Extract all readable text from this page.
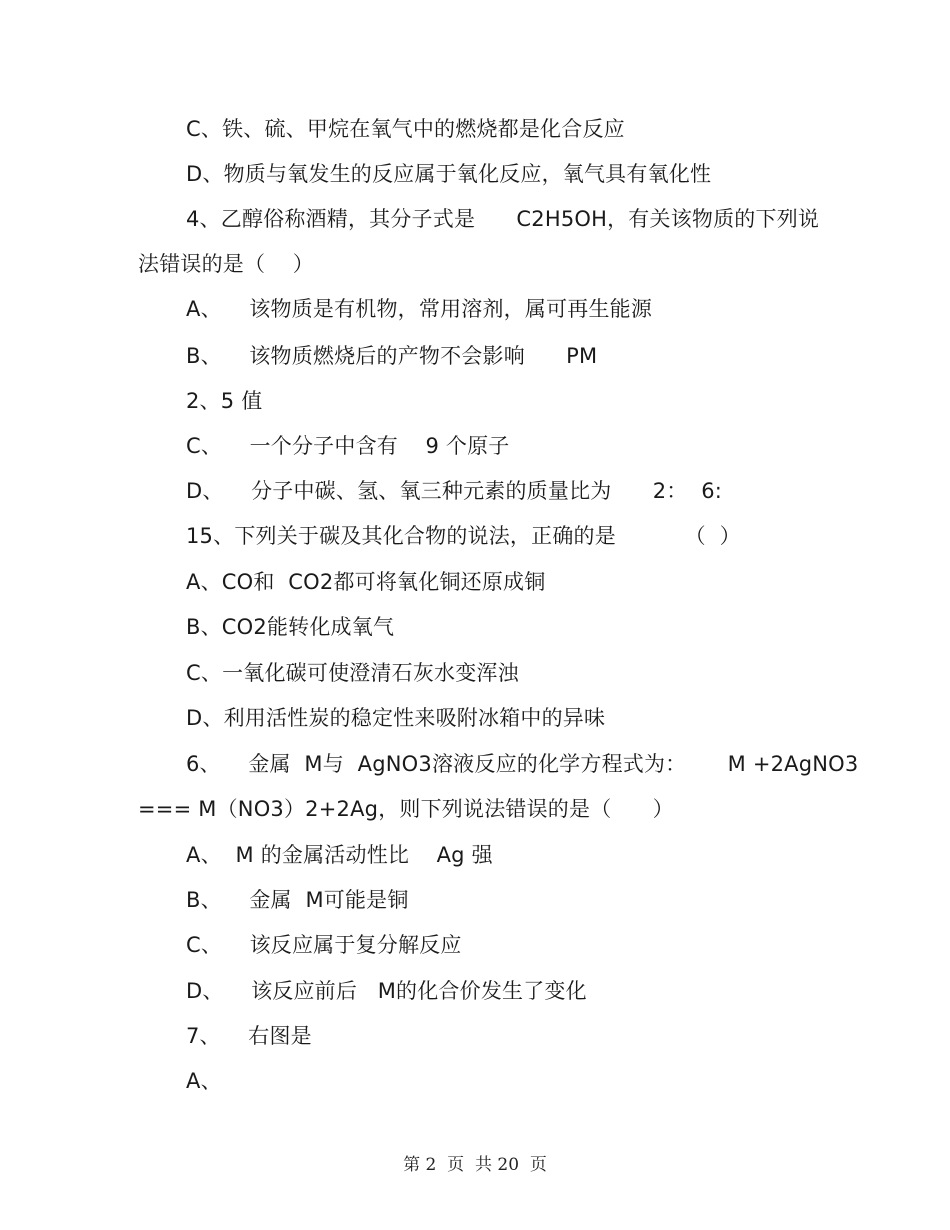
C、铁、硫、甲烷在氧气中的燃烧都是化合反应
D、物质与氧发生的反应属于氧化反应，氧气具有氧化性
4、乙醇俗称酒精，其分子式是      C2H5OH，有关该物质的下列说
法错误的是（    ）
A、    该物质是有机物，常用溶剂，属可再生能源
B、    该物质燃烧后的产物不会影响      PM
2、5 值
C、    一个分子中含有    9 个原子
D、    分子中碳、氢、氧三种元素的质量比为      2：  6:
15、下列关于碳及其化合物的说法，正确的是          （  ）
A、CO和  CO2都可将氧化铜还原成铜
B、CO2能转化成氧气
C、一氧化碳可使澄清石灰水变浑浊
D、利用活性炭的稳定性来吸附冰箱中的异味
6、    金属  M与  AgNO3溶液反应的化学方程式为：      M +2AgNO3
=== M（NO3）2+2Ag，则下列说法错误的是（      ）
A、  M 的金属活动性比    Ag 强
B、    金属  M可能是铜
C、    该反应属于复分解反应
D、    该反应前后   M的化合价发生了变化
7、    右图是
A、
第 2  页  共 20  页
